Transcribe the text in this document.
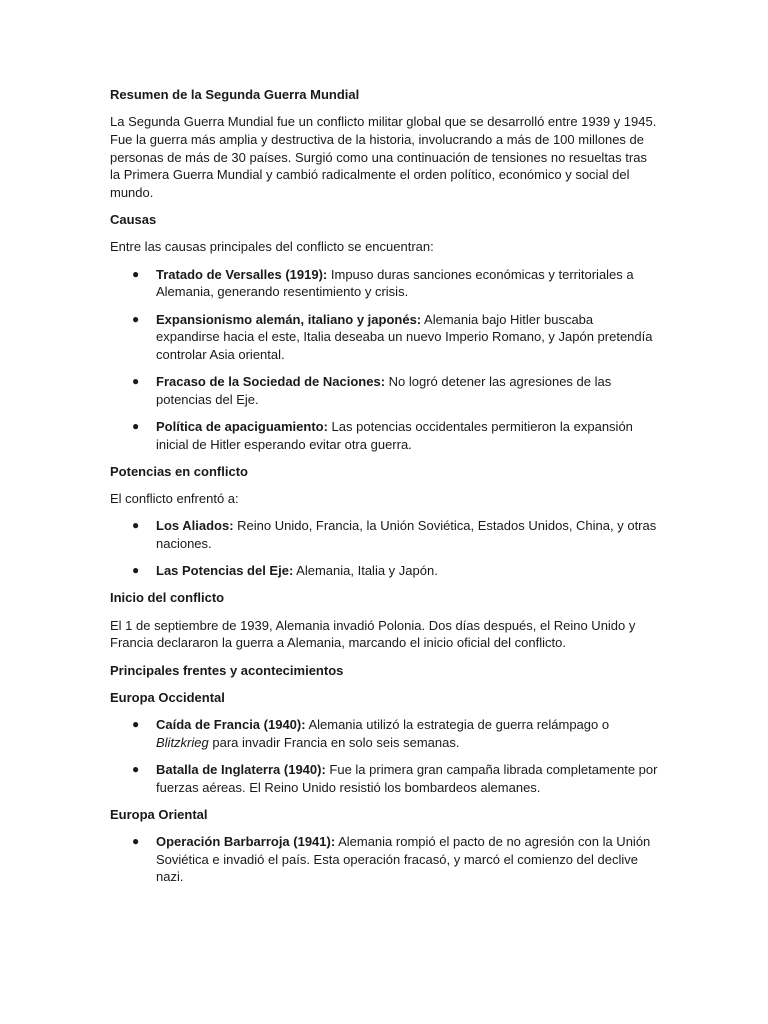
Resumen de la Segunda Guerra Mundial

La Segunda Guerra Mundial fue un conflicto militar global que se desarrolló entre 1939 y 1945. Fue la guerra más amplia y destructiva de la historia, involucrando a más de 100 millones de personas de más de 30 países. Surgió como una continuación de tensiones no resueltas tras la Primera Guerra Mundial y cambió radicalmente el orden político, económico y social del mundo.

Causas

Entre las causas principales del conflicto se encuentran:

● Tratado de Versalles (1919): Impuso duras sanciones económicas y territoriales a Alemania, generando resentimiento y crisis.
● Expansionismo alemán, italiano y japonés: Alemania bajo Hitler buscaba expandirse hacia el este, Italia deseaba un nuevo Imperio Romano, y Japón pretendía controlar Asia oriental.
● Fracaso de la Sociedad de Naciones: No logró detener las agresiones de las potencias del Eje.
● Política de apaciguamiento: Las potencias occidentales permitieron la expansión inicial de Hitler esperando evitar otra guerra.

Potencias en conflicto

El conflicto enfrentó a:

● Los Aliados: Reino Unido, Francia, la Unión Soviética, Estados Unidos, China, y otras naciones.
● Las Potencias del Eje: Alemania, Italia y Japón.

Inicio del conflicto

El 1 de septiembre de 1939, Alemania invadió Polonia. Dos días después, el Reino Unido y Francia declararon la guerra a Alemania, marcando el inicio oficial del conflicto.

Principales frentes y acontecimientos

Europa Occidental

● Caída de Francia (1940): Alemania utilizó la estrategia de guerra relámpago o Blitzkrieg para invadir Francia en solo seis semanas.
● Batalla de Inglaterra (1940): Fue la primera gran campaña librada completamente por fuerzas aéreas. El Reino Unido resistió los bombardeos alemanes.

Europa Oriental

● Operación Barbarroja (1941): Alemania rompió el pacto de no agresión con la Unión Soviética e invadió el país. Esta operación fracasó, y marcó el comienzo del declive nazi.
